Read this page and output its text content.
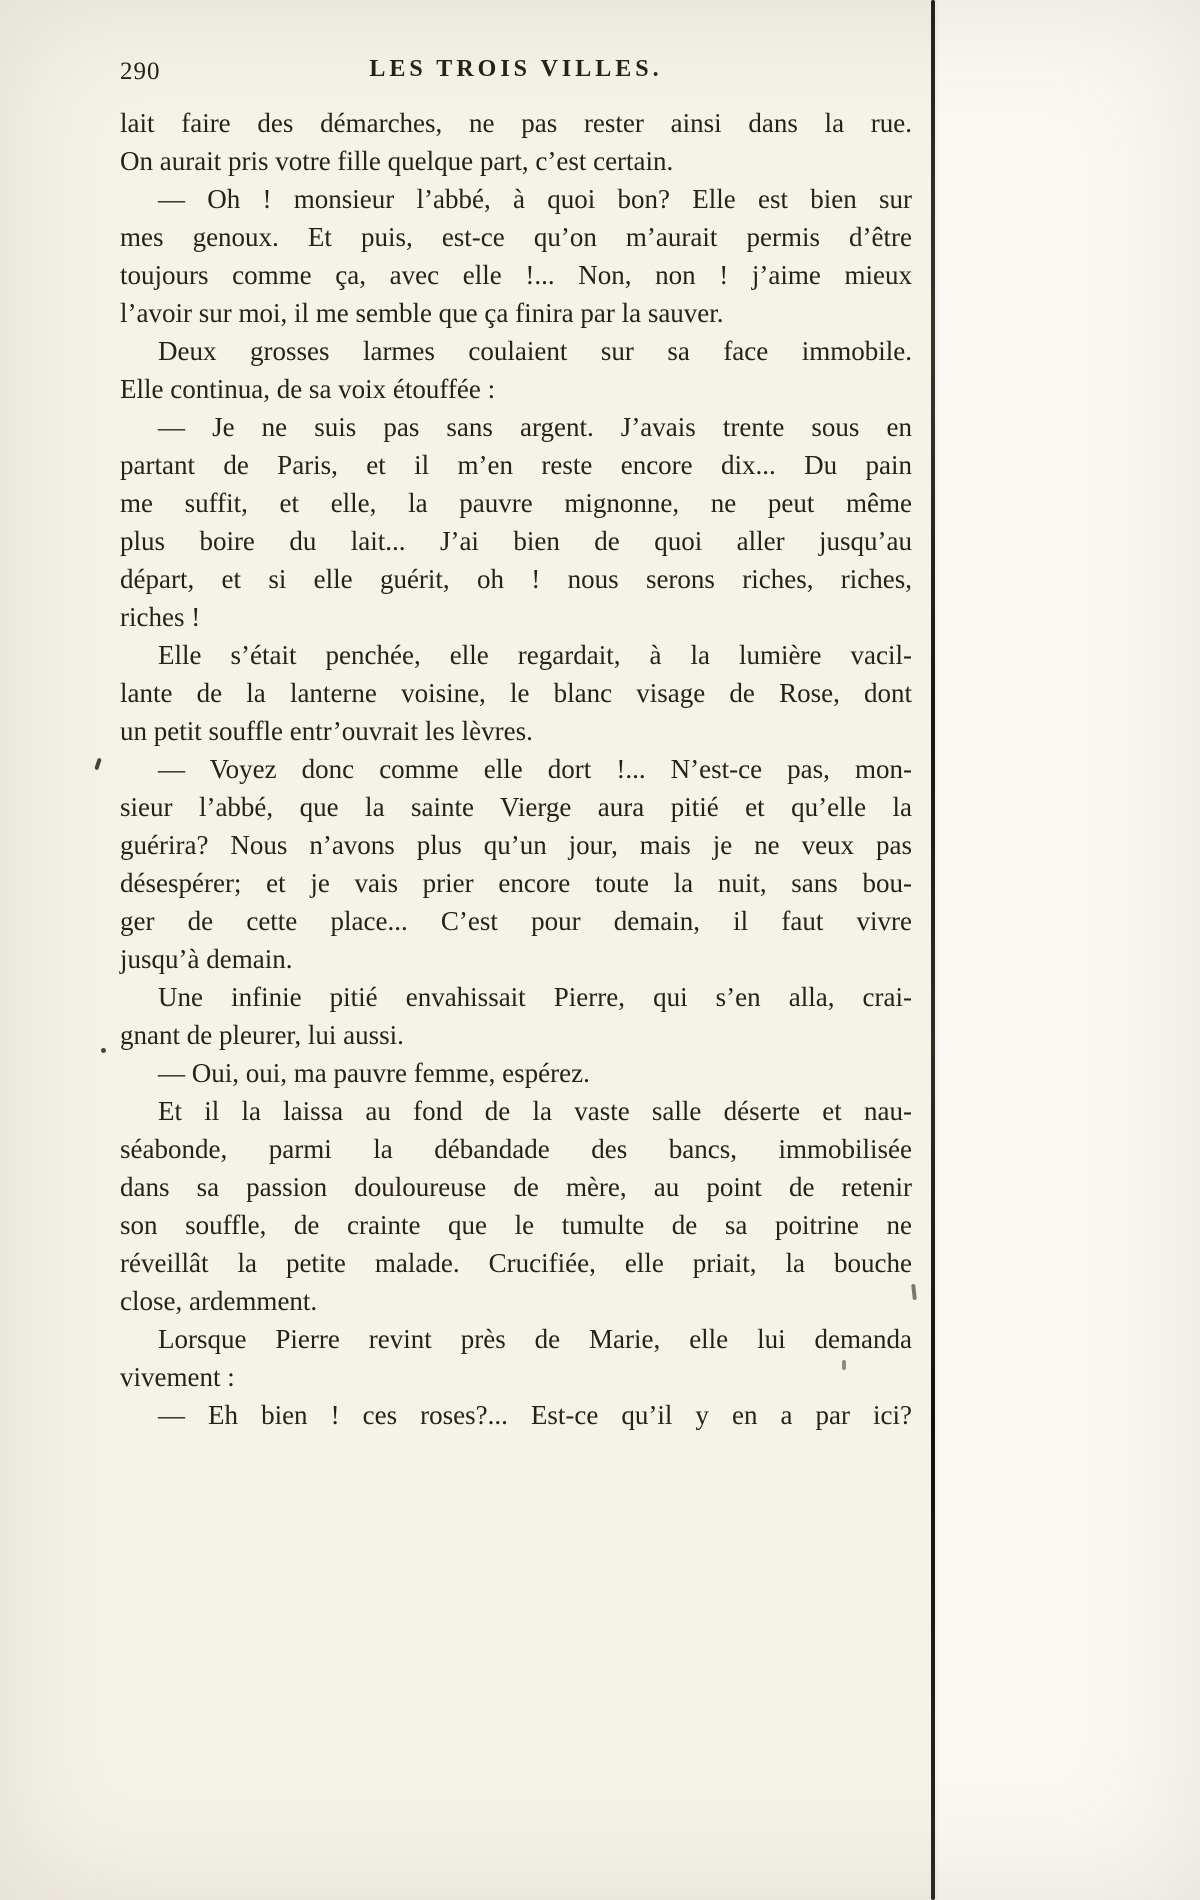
290	LES TROIS VILLES.
lait faire des démarches, ne pas rester ainsi dans la rue.
On aurait pris votre fille quelque part, c’est certain.
— Oh ! monsieur l’abbé, à quoi bon? Elle est bien sur
mes genoux. Et puis, est-ce qu’on m’aurait permis d’être
toujours comme ça, avec elle !... Non, non ! j’aime mieux
l’avoir sur moi, il me semble que ça finira par la sauver.
Deux grosses larmes coulaient sur sa face immobile.
Elle continua, de sa voix étouffée :
— Je ne suis pas sans argent. J’avais trente sous en
partant de Paris, et il m’en reste encore dix... Du pain
me suffit, et elle, la pauvre mignonne, ne peut même
plus boire du lait... J’ai bien de quoi aller jusqu’au
départ, et si elle guérit, oh ! nous serons riches, riches,
riches !
Elle s’était penchée, elle regardait, à la lumière vacil-
lante de la lanterne voisine, le blanc visage de Rose, dont
un petit souffle entr’ouvrait les lèvres.
— Voyez donc comme elle dort !... N’est-ce pas, mon-
sieur l’abbé, que la sainte Vierge aura pitié et qu’elle la
guérira? Nous n’avons plus qu’un jour, mais je ne veux pas
désespérer; et je vais prier encore toute la nuit, sans bou-
ger de cette place... C’est pour demain, il faut vivre
jusqu’à demain.
Une infinie pitié envahissait Pierre, qui s’en alla, crai-
gnant de pleurer, lui aussi.
— Oui, oui, ma pauvre femme, espérez.
Et il la laissa au fond de la vaste salle déserte et nau-
séabonde, parmi la débandade des bancs, immobilisée
dans sa passion douloureuse de mère, au point de retenir
son souffle, de crainte que le tumulte de sa poitrine ne
réveillât la petite malade. Crucifiée, elle priait, la bouche
close, ardemment.
Lorsque Pierre revint près de Marie, elle lui demanda
vivement :
— Eh bien ! ces roses?... Est-ce qu’il y en a par ici?
